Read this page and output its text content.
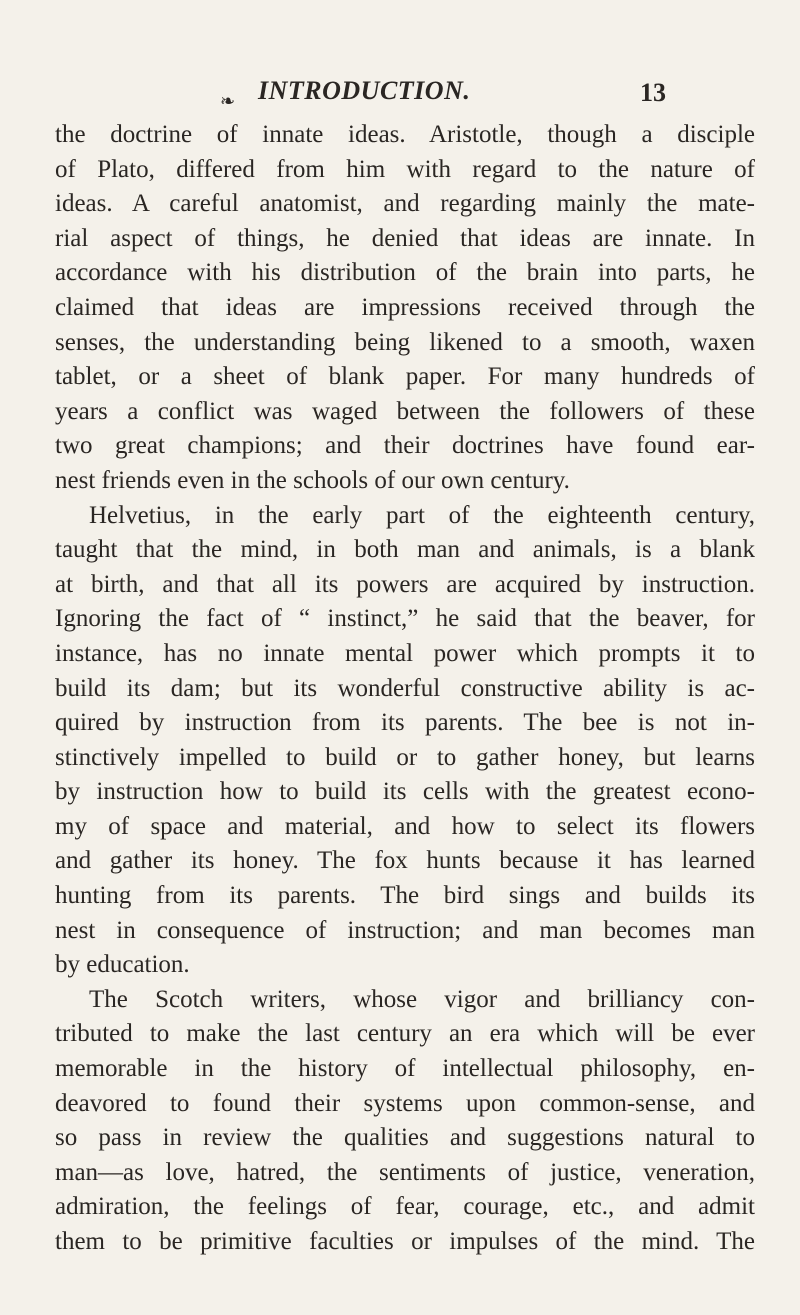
❧ INTRODUCTION.	13
the doctrine of innate ideas. Aristotle, though a disciple
of Plato, differed from him with regard to the nature of
ideas. A careful anatomist, and regarding mainly the mate-
rial aspect of things, he denied that ideas are innate. In
accordance with his distribution of the brain into parts, he
claimed that ideas are impressions received through the
senses, the understanding being likened to a smooth, waxen
tablet, or a sheet of blank paper. For many hundreds of
years a conflict was waged between the followers of these
two great champions; and their doctrines have found ear-
nest friends even in the schools of our own century.
Helvetius, in the early part of the eighteenth century,
taught that the mind, in both man and animals, is a blank
at birth, and that all its powers are acquired by instruction.
Ignoring the fact of “ instinct,” he said that the beaver, for
instance, has no innate mental power which prompts it to
build its dam; but its wonderful constructive ability is ac-
quired by instruction from its parents. The bee is not in-
stinctively impelled to build or to gather honey, but learns
by instruction how to build its cells with the greatest econo-
my of space and material, and how to select its flowers
and gather its honey. The fox hunts because it has learned
hunting from its parents. The bird sings and builds its
nest in consequence of instruction; and man becomes man
by education.
The Scotch writers, whose vigor and brilliancy con-
tributed to make the last century an era which will be ever
memorable in the history of intellectual philosophy, en-
deavored to found their systems upon common-sense, and
so pass in review the qualities and suggestions natural to
man—as love, hatred, the sentiments of justice, veneration,
admiration, the feelings of fear, courage, etc., and admit
them to be primitive faculties or impulses of the mind. The
